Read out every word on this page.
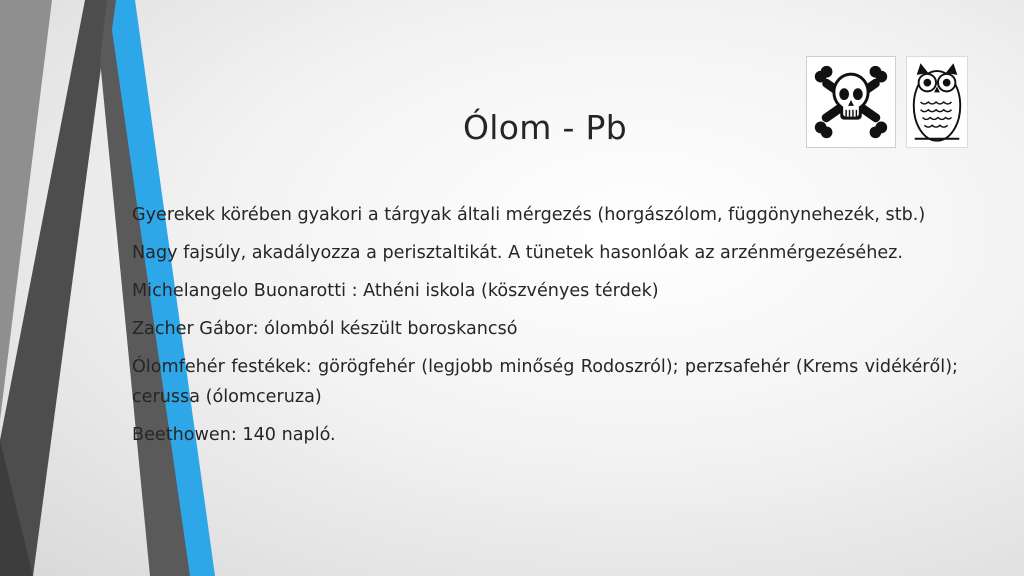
Ólom - Pb

Gyerekek körében gyakori a tárgyak általi mérgezés (horgászólom, függönynehezék, stb.)

Nagy fajsúly, akadályozza a perisztaltikát. A tünetek hasonlóak az arzénmérgezéséhez.

Michelangelo Buonarotti : Athéni iskola (köszvényes térdek)

Zacher Gábor: ólomból készült boroskancsó

Ólomfehér festékek: görögfehér (legjobb minőség Rodoszról); perzsafehér (Krems vidékéről); cerussa (ólomceruza)

Beethowen: 140 napló.
